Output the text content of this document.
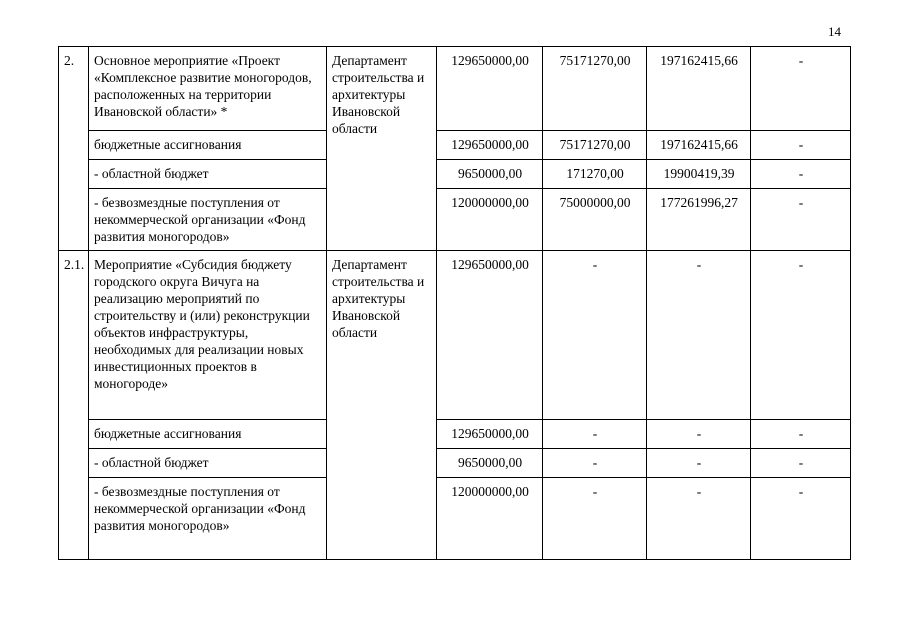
14
2.	Основное мероприятие «Проект «Комплексное развитие моногородов, расположенных на территории Ивановской области» *	Департамент строительства и архитектуры Ивановской области	129650000,00	75171270,00	197162415,66	-
	бюджетные ассигнования		129650000,00	75171270,00	197162415,66	-
	- областной бюджет		9650000,00	171270,00	19900419,39	-
	- безвозмездные поступления от некоммерческой организации «Фонд развития моногородов»		120000000,00	75000000,00	177261996,27	-
2.1.	Мероприятие «Субсидия бюджету городского округа Вичуга на реализацию мероприятий по строительству и (или) реконструкции объектов инфраструктуры, необходимых для реализации новых инвестиционных проектов в моногороде»	Департамент строительства и архитектуры Ивановской области	129650000,00	-	-	-
	бюджетные ассигнования		129650000,00	-	-	-
	- областной бюджет		9650000,00	-	-	-
	- безвозмездные поступления от некоммерческой организации «Фонд развития моногородов»		120000000,00	-	-	-
